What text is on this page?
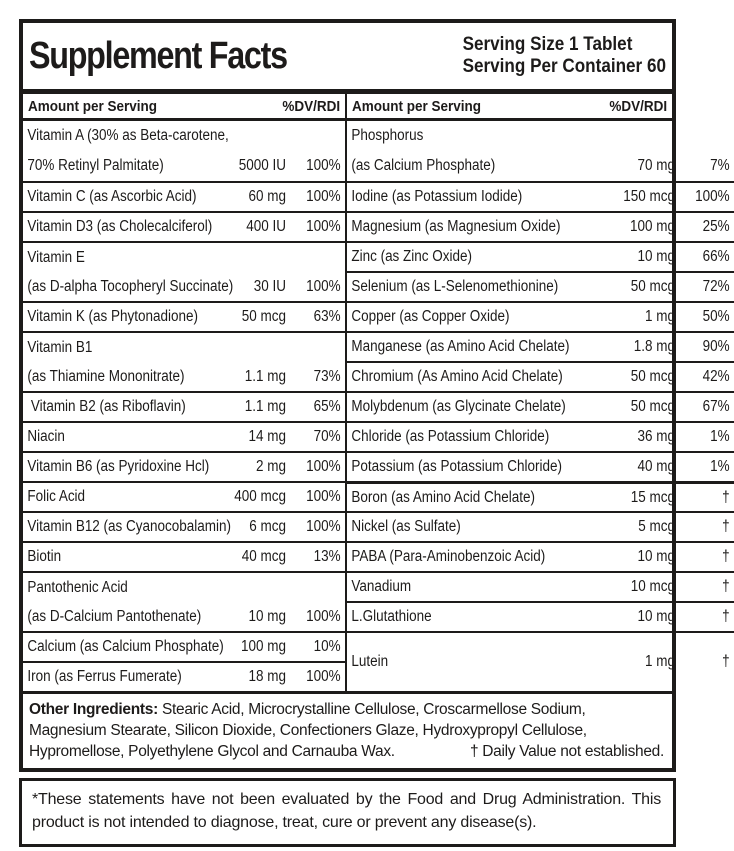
Supplement Facts	Serving Size 1 Tablet
Serving Per Container 60
Amount per Serving	%DV/RDI Amount per Serving	%DV/RDI
Vitamin A (30% as Beta-carotene,
70% Retinyl Palmitate)	5000 IU	100%
Vitamin C (as Ascorbic Acid)	60 mg	100%
Vitamin D3 (as Cholecalciferol)	400 IU	100%
Vitamin E
(as D-alpha Tocopheryl Succinate)	30 IU	100%
Vitamin K (as Phytonadione)	50 mcg	63%
Vitamin B1
(as Thiamine Mononitrate)	1.1 mg	73%
Vitamin B2 (as Riboflavin)	1.1 mg	65%
Niacin	14 mg	70%
Vitamin B6 (as Pyridoxine Hcl)	2 mg	100%
Folic Acid	400 mcg	100%
Vitamin B12 (as Cyanocobalamin)	6 mcg	100%
Biotin	40 mcg	13%
Pantothenic Acid
(as D-Calcium Pantothenate)	10 mg	100%
Calcium (as Calcium Phosphate)	100 mg	10%
Iron (as Ferrus Fumerate)	18 mg	100%
Phosphorus
(as Calcium Phosphate)	70 mg	7%
Iodine (as Potassium Iodide)	150 mcg	100%
Magnesium (as Magnesium Oxide)	100 mg	25%
Zinc (as Zinc Oxide)	10 mg	66%
Selenium (as L-Selenomethionine)	50 mcg	72%
Copper (as Copper Oxide)	1 mg	50%
Manganese (as Amino Acid Chelate)	1.8 mg	90%
Chromium (As Amino Acid Chelate)	50 mcg	42%
Molybdenum (as Glycinate Chelate)	50 mcg	67%
Chloride (as Potassium Chloride)	36 mg	1%
Potassium (as Potassium Chloride)	40 mg	1%
Boron (as Amino Acid Chelate)	15 mcg	†
Nickel (as Sulfate)	5 mcg	†
PABA (Para-Aminobenzoic Acid)	10 mg	†
Vanadium	10 mcg	†
L.Glutathione	10 mg	†
Lutein	1 mg	†
Other Ingredients: Stearic Acid, Microcrystalline Cellulose, Croscarmellose Sodium, Magnesium Stearate, Silicon Dioxide, Confectioners Glaze, Hydroxypropyl Cellulose, Hypromellose, Polyethylene Glycol and Carnauba Wax.	† Daily Value not established.
*These statements have not been evaluated by the Food and Drug Administration. This product is not intended to diagnose, treat, cure or prevent any disease(s).
